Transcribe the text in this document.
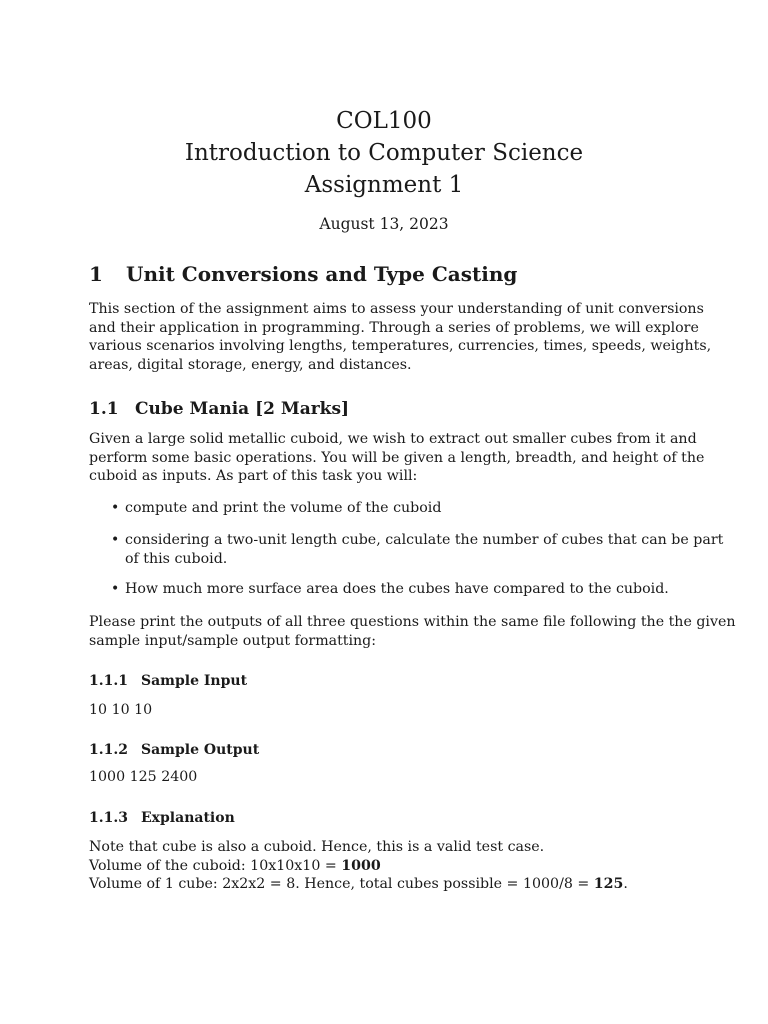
COL100
Introduction to Computer Science
Assignment 1
August 13, 2023
1 Unit Conversions and Type Casting
This section of the assignment aims to assess your understanding of unit conversions
and their application in programming. Through a series of problems, we will explore
various scenarios involving lengths, temperatures, currencies, times, speeds, weights,
areas, digital storage, energy, and distances.
1.1 Cube Mania [2 Marks]
Given a large solid metallic cuboid, we wish to extract out smaller cubes from it and
perform some basic operations. You will be given a length, breadth, and height of the
cuboid as inputs. As part of this task you will:
• compute and print the volume of the cuboid
• considering a two-unit length cube, calculate the number of cubes that can be part
of this cuboid.
• How much more surface area does the cubes have compared to the cuboid.
Please print the outputs of all three questions within the same file following the the given
sample input/sample output formatting:
1.1.1 Sample Input
10 10 10
1.1.2 Sample Output
1000 125 2400
1.1.3 Explanation
Note that cube is also a cuboid. Hence, this is a valid test case.
Volume of the cuboid: 10x10x10 = 1000
Volume of 1 cube: 2x2x2 = 8. Hence, total cubes possible = 1000/8 = 125.
